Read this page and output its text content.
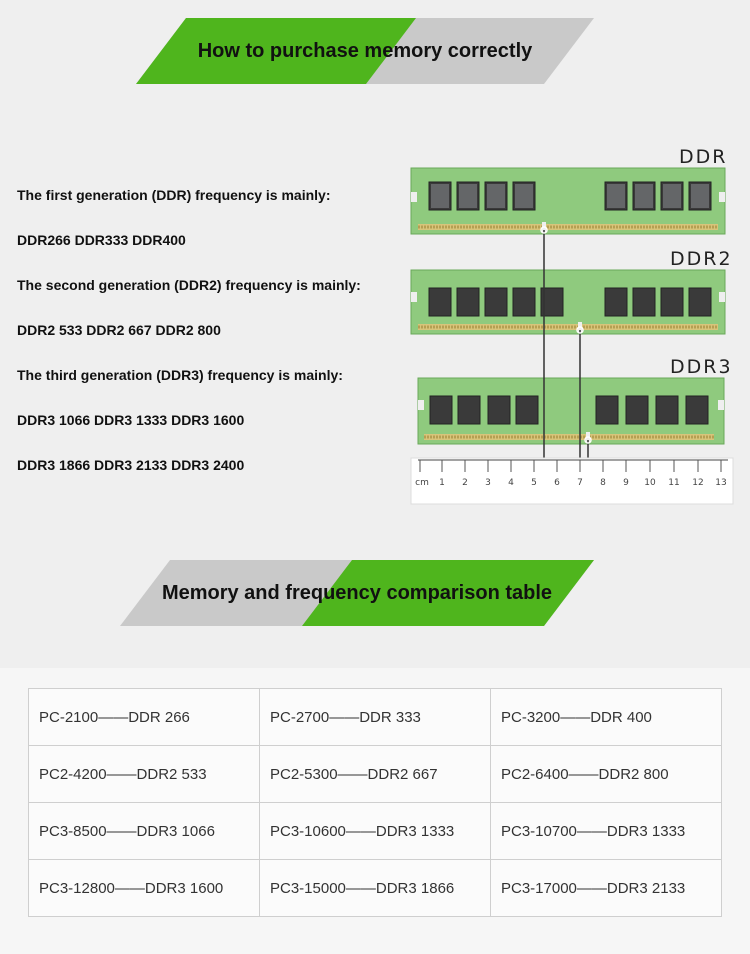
How to purchase memory correctly
The first generation (DDR) frequency is mainly:
DDR266 DDR333 DDR400
The second generation (DDR2) frequency is mainly:
DDR2 533 DDR2 667 DDR2 800
The third generation (DDR3) frequency is mainly:
DDR3 1066 DDR3 1333 DDR3 1600
DDR3 1866 DDR3 2133 DDR3 2400
DDR
DDR2
DDR3
cm 1 2 3 4 5 6 7 8 9 10 11 12 13
Memory and frequency comparison table
PC-2100——DDR 266	PC-2700——DDR 333	PC-3200——DDR 400
PC2-4200——DDR2 533	PC2-5300——DDR2 667	PC2-6400——DDR2 800
PC3-8500——DDR3 1066	PC3-10600——DDR3 1333	PC3-10700——DDR3 1333
PC3-12800——DDR3 1600	PC3-15000——DDR3 1866	PC3-17000——DDR3 2133
